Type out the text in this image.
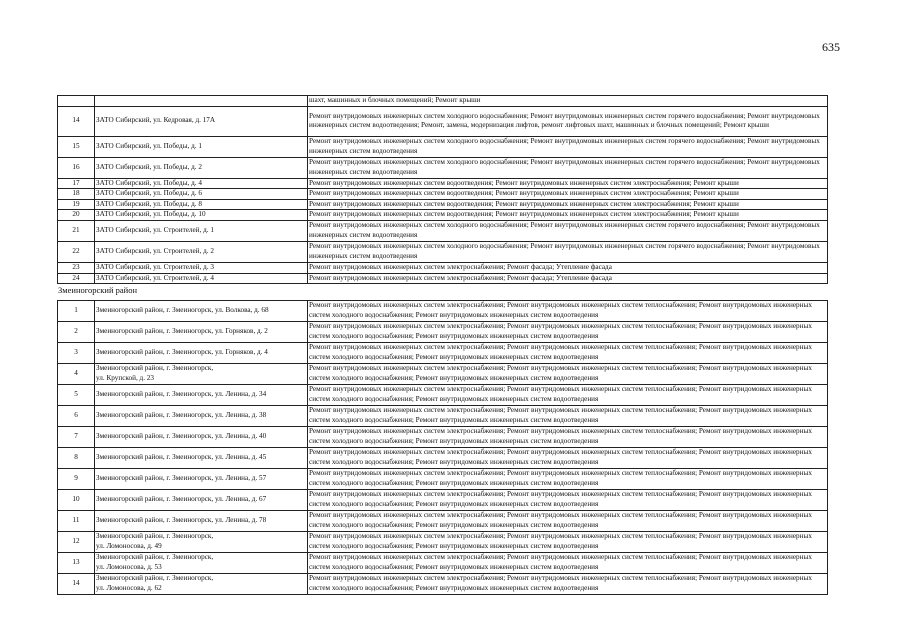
635
		шахт, машинных и блочных помещений; Ремонт крыши
14	ЗАТО Сибирский, ул. Кедровая, д. 17А	Ремонт внутридомовых инженерных систем холодного водоснабжения; Ремонт внутридомовых инженерных систем горячего водоснабжения; Ремонт внутридомовых инженерных систем водоотведения; Ремонт, замена, модернизация лифтов, ремонт лифтовых шахт, машинных и блочных помещений; Ремонт крыши
15	ЗАТО Сибирский, ул. Победы, д. 1	Ремонт внутридомовых инженерных систем холодного водоснабжения; Ремонт внутридомовых инженерных систем горячего водоснабжения; Ремонт внутридомовых инженерных систем водоотведения
16	ЗАТО Сибирский, ул. Победы, д. 2	Ремонт внутридомовых инженерных систем холодного водоснабжения; Ремонт внутридомовых инженерных систем горячего водоснабжения; Ремонт внутридомовых инженерных систем водоотведения
17	ЗАТО Сибирский, ул. Победы, д. 4	Ремонт внутридомовых инженерных систем водоотведения; Ремонт внутридомовых инженерных систем электроснабжения; Ремонт крыши
18	ЗАТО Сибирский, ул. Победы, д. 6	Ремонт внутридомовых инженерных систем водоотведения; Ремонт внутридомовых инженерных систем электроснабжения; Ремонт крыши
19	ЗАТО Сибирский, ул. Победы, д. 8	Ремонт внутридомовых инженерных систем водоотведения; Ремонт внутридомовых инженерных систем электроснабжения; Ремонт крыши
20	ЗАТО Сибирский, ул. Победы, д. 10	Ремонт внутридомовых инженерных систем водоотведения; Ремонт внутридомовых инженерных систем электроснабжения; Ремонт крыши
21	ЗАТО Сибирский, ул. Строителей, д. 1	Ремонт внутридомовых инженерных систем холодного водоснабжения; Ремонт внутридомовых инженерных систем горячего водоснабжения; Ремонт внутридомовых инженерных систем водоотведения
22	ЗАТО Сибирский, ул. Строителей, д. 2	Ремонт внутридомовых инженерных систем холодного водоснабжения; Ремонт внутридомовых инженерных систем горячего водоснабжения; Ремонт внутридомовых инженерных систем водоотведения
23	ЗАТО Сибирский, ул. Строителей, д. 3	Ремонт внутридомовых инженерных систем электроснабжения; Ремонт фасада; Утепление фасада
24	ЗАТО Сибирский, ул. Строителей, д. 4	Ремонт внутридомовых инженерных систем электроснабжения; Ремонт фасада; Утепление фасада
Змеиногорский район
1	Змеиногорский район, г. Змеиногорск, ул. Волкова, д. 68	Ремонт внутридомовых инженерных систем электроснабжения; Ремонт внутридомовых инженерных систем теплоснабжения; Ремонт внутридомовых инженерных систем холодного водоснабжения; Ремонт внутридомовых инженерных систем водоотведения
2	Змеиногорский район, г. Змеиногорск, ул. Горняков, д. 2	Ремонт внутридомовых инженерных систем электроснабжения; Ремонт внутридомовых инженерных систем теплоснабжения; Ремонт внутридомовых инженерных систем холодного водоснабжения; Ремонт внутридомовых инженерных систем водоотведения
3	Змеиногорский район, г. Змеиногорск, ул. Горняков, д. 4	Ремонт внутридомовых инженерных систем электроснабжения; Ремонт внутридомовых инженерных систем теплоснабжения; Ремонт внутридомовых инженерных систем холодного водоснабжения; Ремонт внутридомовых инженерных систем водоотведения
4	Змеиногорский район, г. Змеиногорск,
ул. Крупской, д. 23	Ремонт внутридомовых инженерных систем электроснабжения; Ремонт внутридомовых инженерных систем теплоснабжения; Ремонт внутридомовых инженерных систем холодного водоснабжения; Ремонт внутридомовых инженерных систем водоотведения
5	Змеиногорский район, г. Змеиногорск, ул. Ленина, д. 34	Ремонт внутридомовых инженерных систем электроснабжения; Ремонт внутридомовых инженерных систем теплоснабжения; Ремонт внутридомовых инженерных систем холодного водоснабжения; Ремонт внутридомовых инженерных систем водоотведения
6	Змеиногорский район, г. Змеиногорск, ул. Ленина, д. 38	Ремонт внутридомовых инженерных систем электроснабжения; Ремонт внутридомовых инженерных систем теплоснабжения; Ремонт внутридомовых инженерных систем холодного водоснабжения; Ремонт внутридомовых инженерных систем водоотведения
7	Змеиногорский район, г. Змеиногорск, ул. Ленина, д. 40	Ремонт внутридомовых инженерных систем электроснабжения; Ремонт внутридомовых инженерных систем теплоснабжения; Ремонт внутридомовых инженерных систем холодного водоснабжения; Ремонт внутридомовых инженерных систем водоотведения
8	Змеиногорский район, г. Змеиногорск, ул. Ленина, д. 45	Ремонт внутридомовых инженерных систем электроснабжения; Ремонт внутридомовых инженерных систем теплоснабжения; Ремонт внутридомовых инженерных систем холодного водоснабжения; Ремонт внутридомовых инженерных систем водоотведения
9	Змеиногорский район, г. Змеиногорск, ул. Ленина, д. 57	Ремонт внутридомовых инженерных систем электроснабжения; Ремонт внутридомовых инженерных систем теплоснабжения; Ремонт внутридомовых инженерных систем холодного водоснабжения; Ремонт внутридомовых инженерных систем водоотведения
10	Змеиногорский район, г. Змеиногорск, ул. Ленина, д. 67	Ремонт внутридомовых инженерных систем электроснабжения; Ремонт внутридомовых инженерных систем теплоснабжения; Ремонт внутридомовых инженерных систем холодного водоснабжения; Ремонт внутридомовых инженерных систем водоотведения
11	Змеиногорский район, г. Змеиногорск, ул. Ленина, д. 78	Ремонт внутридомовых инженерных систем электроснабжения; Ремонт внутридомовых инженерных систем теплоснабжения; Ремонт внутридомовых инженерных систем холодного водоснабжения; Ремонт внутридомовых инженерных систем водоотведения
12	Змеиногорский район, г. Змеиногорск,
ул. Ломоносова, д. 49	Ремонт внутридомовых инженерных систем электроснабжения; Ремонт внутридомовых инженерных систем теплоснабжения; Ремонт внутридомовых инженерных систем холодного водоснабжения; Ремонт внутридомовых инженерных систем водоотведения
13	Змеиногорский район, г. Змеиногорск,
ул. Ломоносова, д. 53	Ремонт внутридомовых инженерных систем электроснабжения; Ремонт внутридомовых инженерных систем теплоснабжения; Ремонт внутридомовых инженерных систем холодного водоснабжения; Ремонт внутридомовых инженерных систем водоотведения
14	Змеиногорский район, г. Змеиногорск,
ул. Ломоносова, д. 62	Ремонт внутридомовых инженерных систем электроснабжения; Ремонт внутридомовых инженерных систем теплоснабжения; Ремонт внутридомовых инженерных систем холодного водоснабжения; Ремонт внутридомовых инженерных систем водоотведения
